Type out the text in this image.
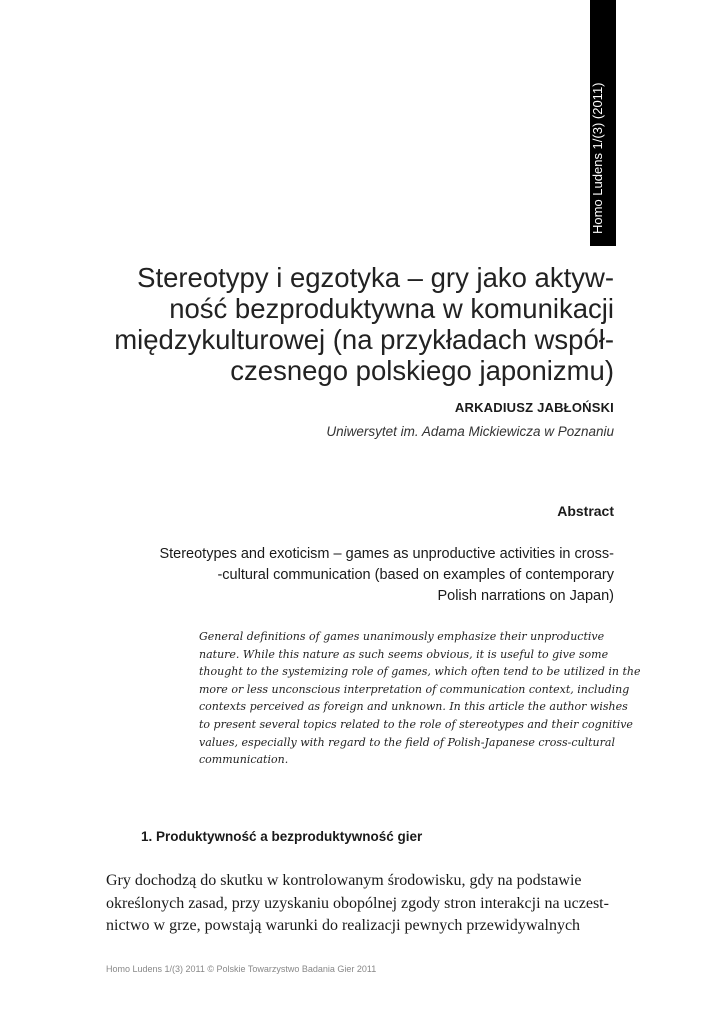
Homo Ludens 1/(3) (2011)
Stereotypy i egzotyka – gry jako aktyw-
ność bezproduktywna w komunikacji
międzykulturowej (na przykładach współ-
czesnego polskiego japonizmu)
ARKADIUSZ JABŁOŃSKI
Uniwersytet im. Adama Mickiewicza w Poznaniu
Abstract
Stereotypes and exoticism – games as unproductive activities in cross-
-cultural communication (based on examples of contemporary
Polish narrations on Japan)
General definitions of games unanimously emphasize their unproductive
nature. While this nature as such seems obvious, it is useful to give some
thought to the systemizing role of games, which often tend to be utilized in the
more or less unconscious interpretation of communication context, including
contexts perceived as foreign and unknown. In this article the author wishes
to present several topics related to the role of stereotypes and their cognitive
values, especially with regard to the field of Polish-Japanese cross-cultural
communication.
1. Produktywność a bezproduktywność gier
Gry dochodzą do skutku w kontrolowanym środowisku, gdy na podstawie
określonych zasad, przy uzyskaniu obopólnej zgody stron interakcji na uczest-
nictwo w grze, powstają warunki do realizacji pewnych przewidywalnych
Homo Ludens 1/(3) 2011 © Polskie Towarzystwo Badania Gier 2011
